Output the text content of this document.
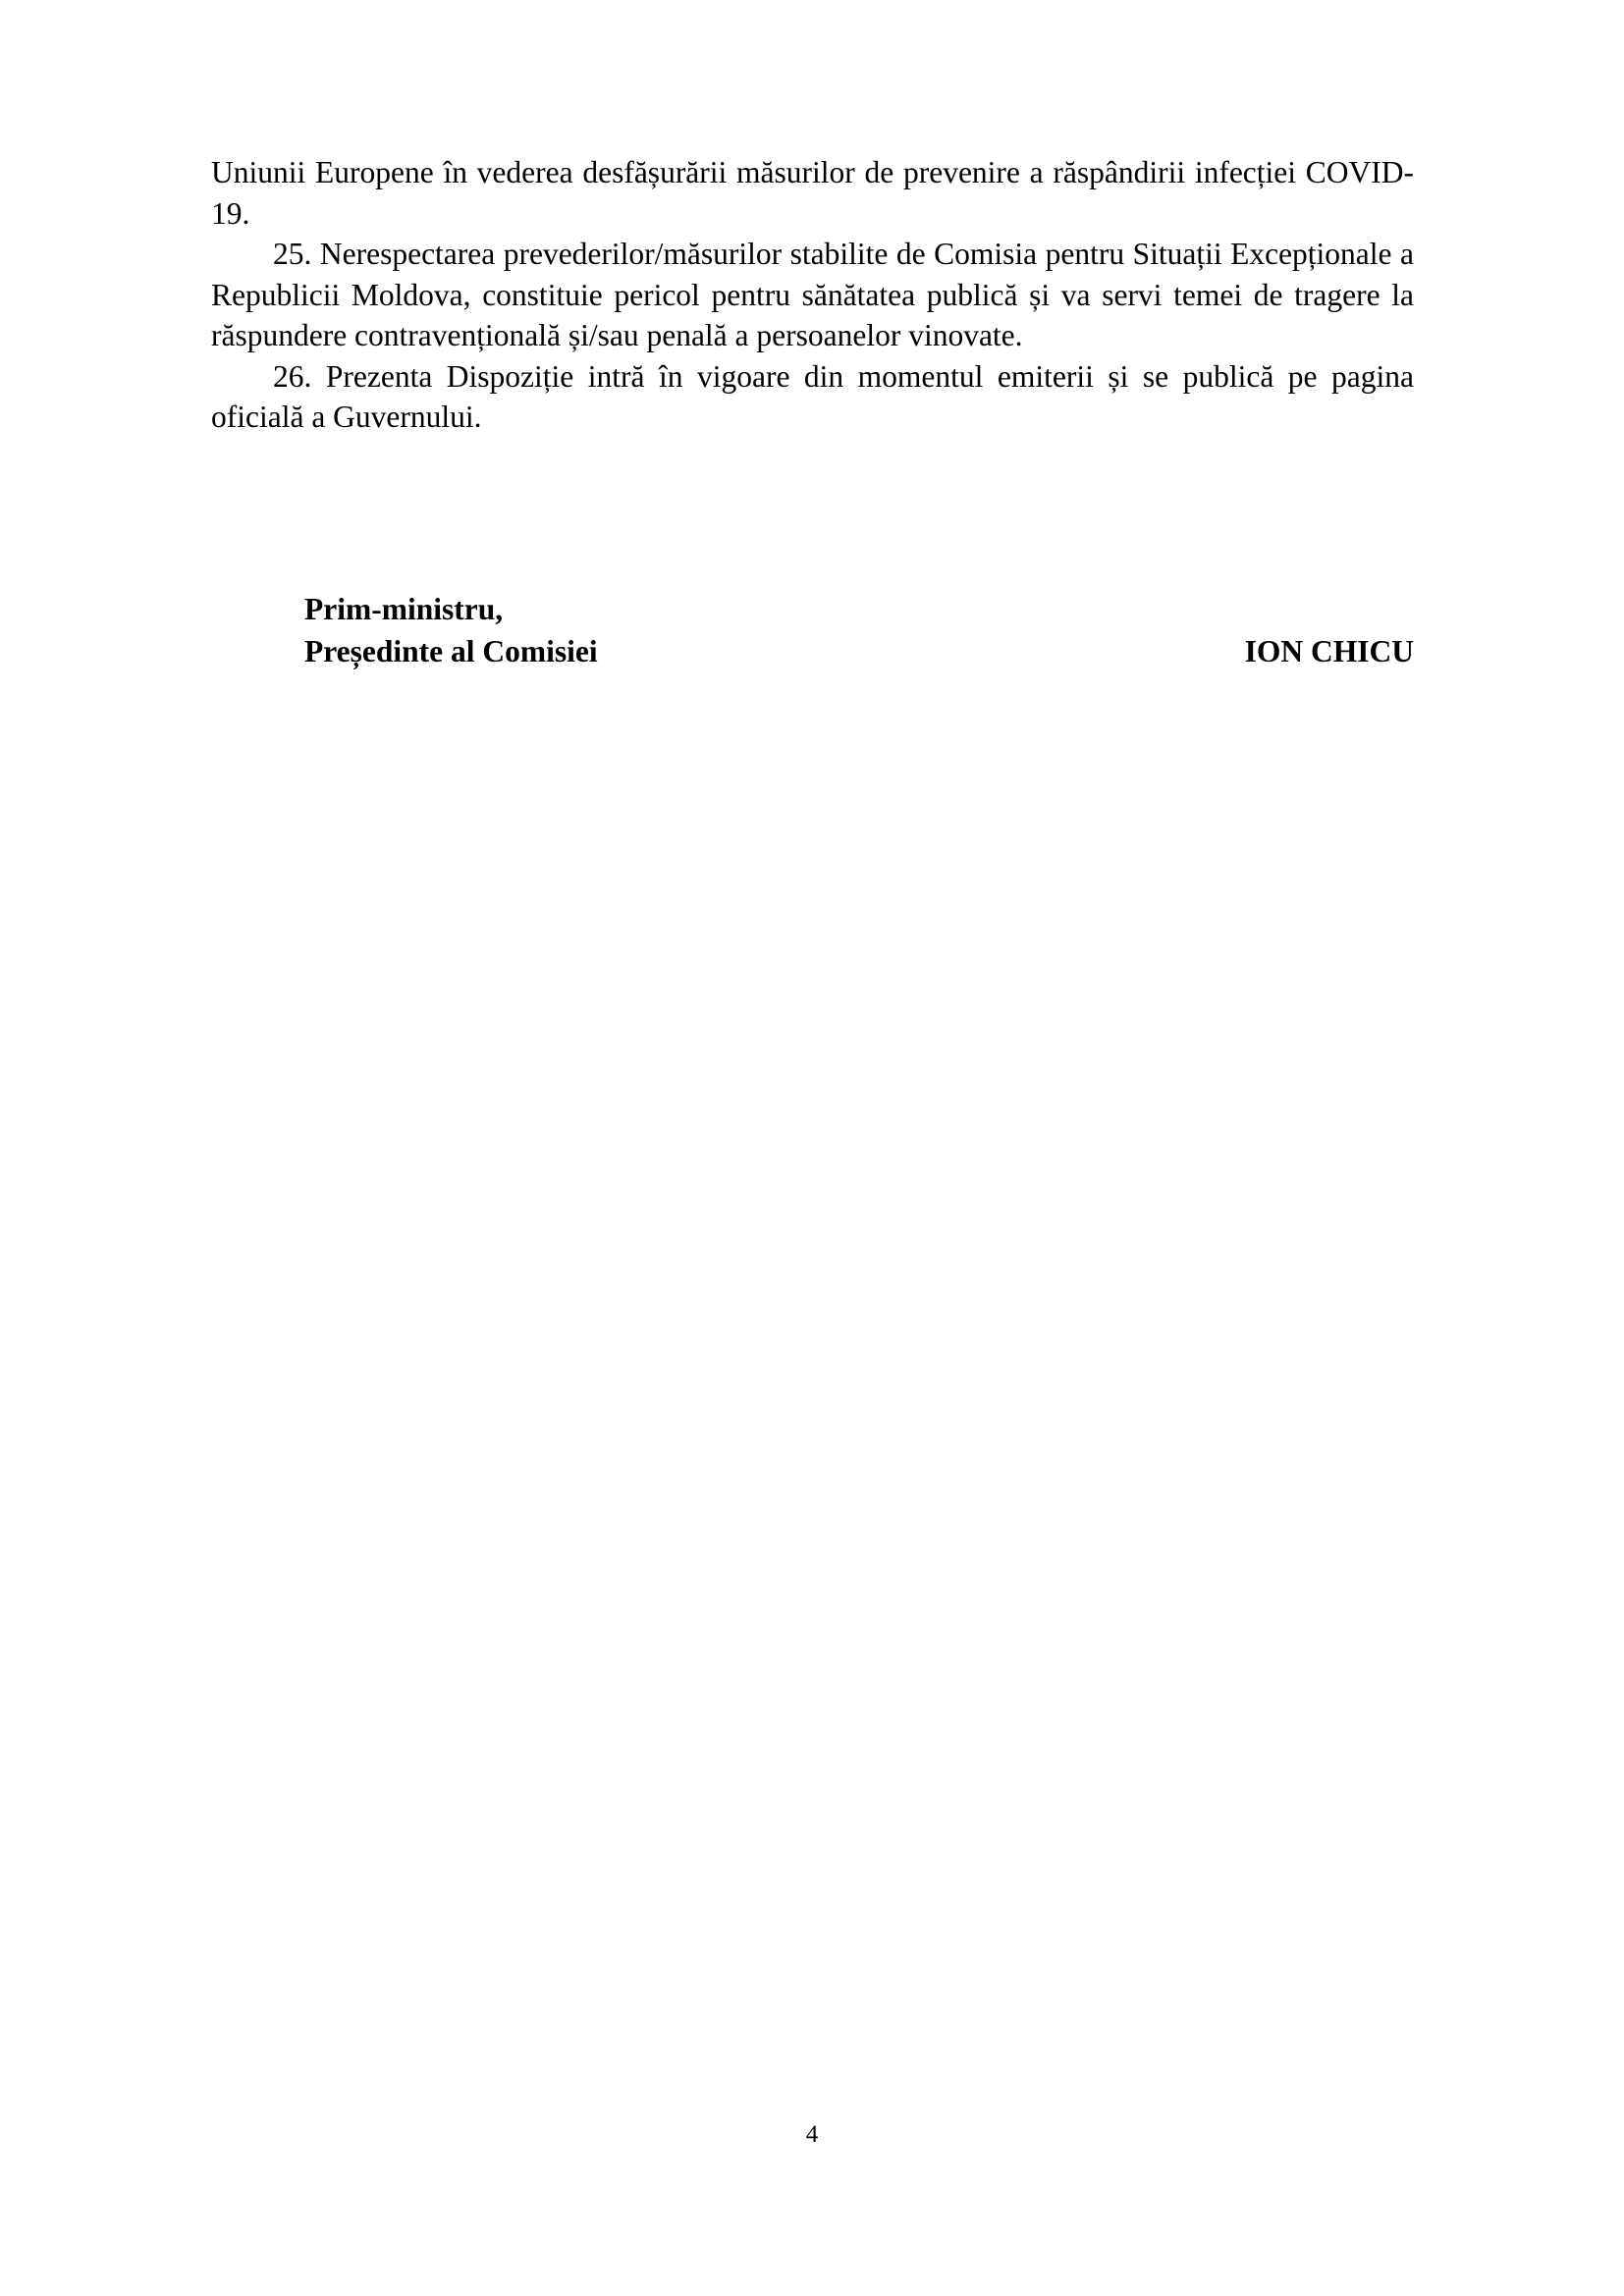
Uniunii Europene în vederea desfășurării măsurilor de prevenire a răspândirii infecției COVID-19.

25. Nerespectarea prevederilor/măsurilor stabilite de Comisia pentru Situații Excepționale a Republicii Moldova, constituie pericol pentru sănătatea publică și va servi temei de tragere la răspundere contravențională și/sau penală a persoanelor vinovate.

26. Prezenta Dispoziție intră în vigoare din momentul emiterii și se publică pe pagina oficială a Guvernului.

Prim-ministru,
Președinte al Comisiei	ION CHICU
4
